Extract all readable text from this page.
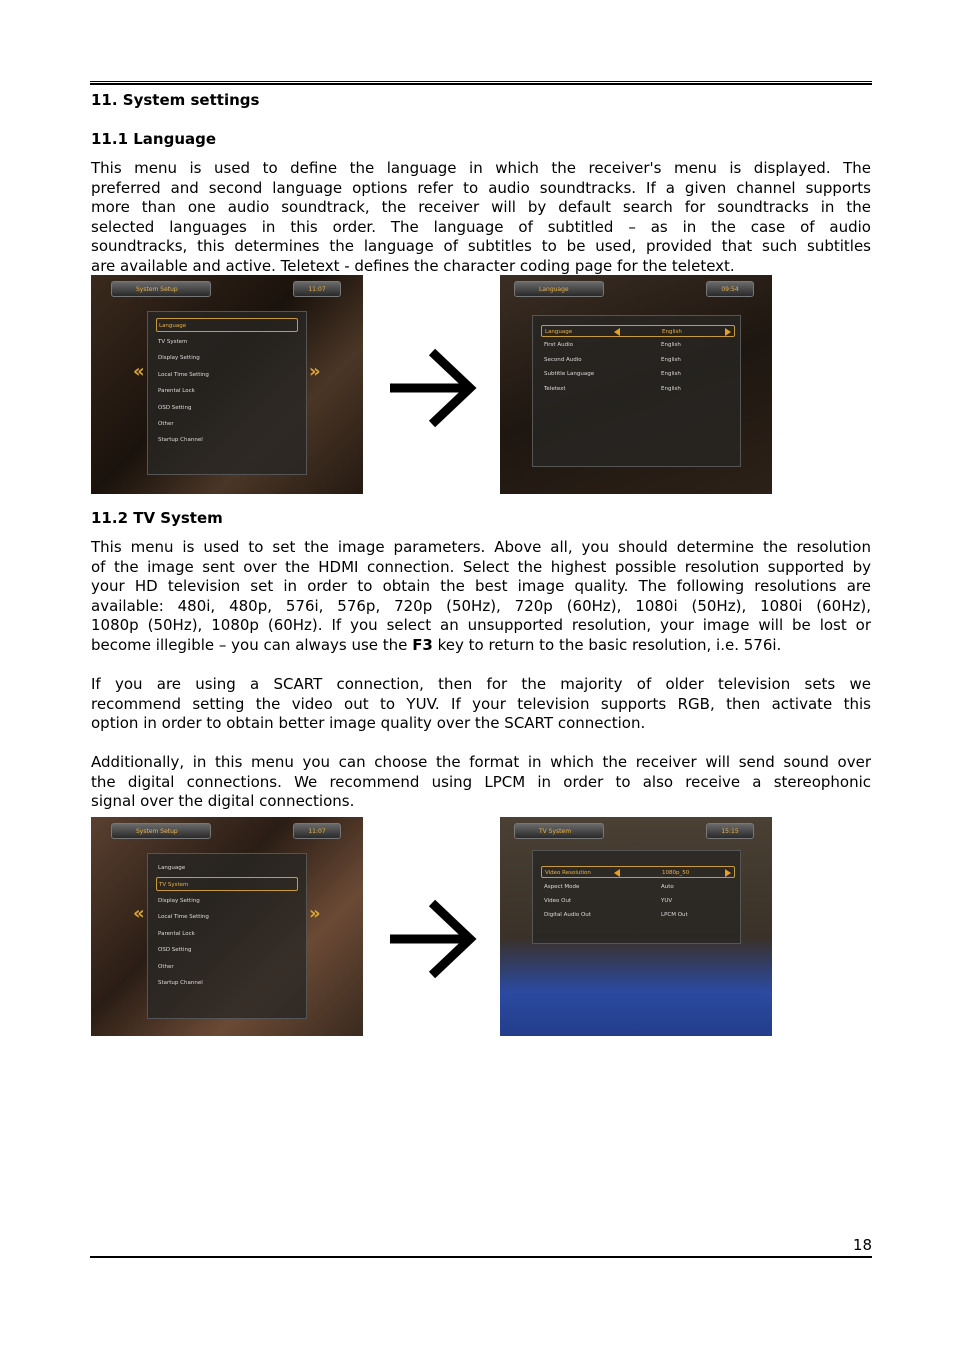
11. System settings
11.1 Language
This menu is used to define the language in which the receiver's menu is displayed. The
preferred and second language options refer to audio soundtracks. If a given channel supports
more than one audio soundtrack, the receiver will by default search for soundtracks in the
selected languages in this order. The language of subtitled – as in the case of audio
soundtracks, this determines the language of subtitles to be used, provided that such subtitles
are available and active. Teletext - defines the character coding page for the teletext.
System Setup	11:07
«	»
Language
TV System
Display Setting
Local Time Setting
Parental Lock
OSD Setting
Other
Startup Channel
Language	09:54
Language	English
First Audio	English
Second Audio	English
Subtitle Language	English
Teletext	English
11.2 TV System
This menu is used to set the image parameters. Above all, you should determine the resolution
of the image sent over the HDMI connection. Select the highest possible resolution supported by
your HD television set in order to obtain the best image quality. The following resolutions are
available: 480i, 480p, 576i, 576p, 720p (50Hz), 720p (60Hz), 1080i (50Hz), 1080i (60Hz),
1080p (50Hz), 1080p (60Hz). If you select an unsupported resolution, your image will be lost or
become illegible – you can always use the F3 key to return to the basic resolution, i.e. 576i.
If you are using a SCART connection, then for the majority of older television sets we
recommend setting the video out to YUV. If your television supports RGB, then activate this
option in order to obtain better image quality over the SCART connection.
Additionally, in this menu you can choose the format in which the receiver will send sound over
the digital connections. We recommend using LPCM in order to also receive a stereophonic
signal over the digital connections.
System Setup	11:07
«	»
Language
TV System
Display Setting
Local Time Setting
Parental Lock
OSD Setting
Other
Startup Channel
TV System	15:15
Video Resolution	1080p_50
Aspect Mode	Auto
Video Out	YUV
Digital Audio Out	LPCM Out
18
